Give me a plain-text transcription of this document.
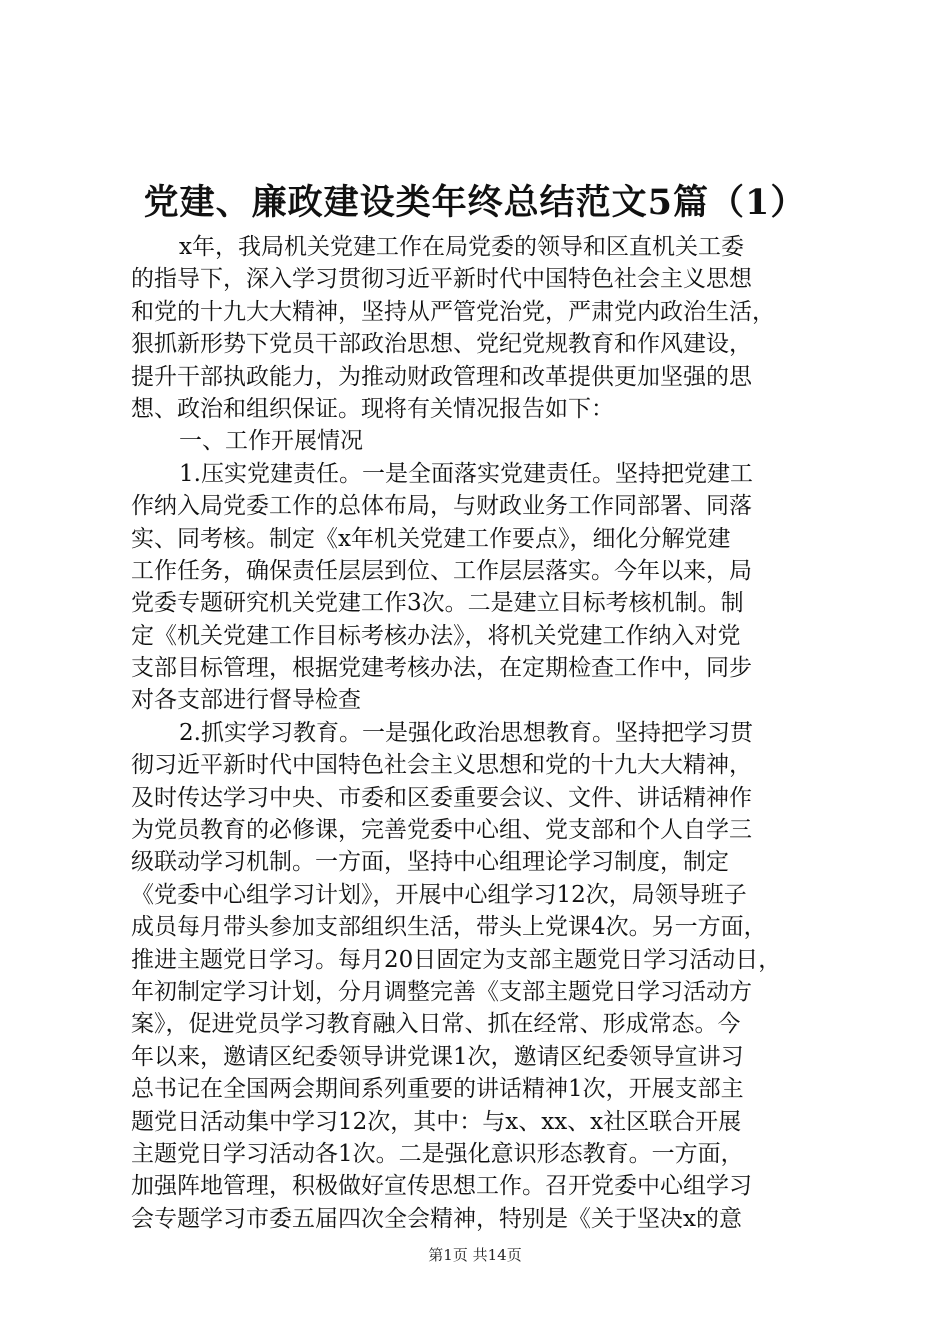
党建、廉政建设类年终总结范文5篇（1）
x年，我局机关党建工作在局党委的领导和区直机关工委
的指导下，深入学习贯彻习近平新时代中国特色社会主义思想
和党的十九大大精神，坚持从严管党治党，严肃党内政治生活，
狠抓新形势下党员干部政治思想、党纪党规教育和作风建设，
提升干部执政能力，为推动财政管理和改革提供更加坚强的思
想、政治和组织保证。现将有关情况报告如下：
一、工作开展情况
1.压实党建责任。一是全面落实党建责任。坚持把党建工
作纳入局党委工作的总体布局，与财政业务工作同部署、同落
实、同考核。制定《x年机关党建工作要点》，细化分解党建
工作任务，确保责任层层到位、工作层层落实。今年以来，局
党委专题研究机关党建工作3次。二是建立目标考核机制。制
定《机关党建工作目标考核办法》，将机关党建工作纳入对党
支部目标管理，根据党建考核办法，在定期检查工作中，同步
对各支部进行督导检查
2.抓实学习教育。一是强化政治思想教育。坚持把学习贯
彻习近平新时代中国特色社会主义思想和党的十九大大精神，
及时传达学习中央、市委和区委重要会议、文件、讲话精神作
为党员教育的必修课，完善党委中心组、党支部和个人自学三
级联动学习机制。一方面，坚持中心组理论学习制度，制定
《党委中心组学习计划》，开展中心组学习12次，局领导班子
成员每月带头参加支部组织生活，带头上党课4次。另一方面，
推进主题党日学习。每月20日固定为支部主题党日学习活动日，
年初制定学习计划，分月调整完善《支部主题党日学习活动方
案》，促进党员学习教育融入日常、抓在经常、形成常态。今
年以来，邀请区纪委领导讲党课1次，邀请区纪委领导宣讲习
总书记在全国两会期间系列重要的讲话精神1次，开展支部主
题党日活动集中学习12次，其中：与x、xx、x社区联合开展
主题党日学习活动各1次。二是强化意识形态教育。一方面，
加强阵地管理，积极做好宣传思想工作。召开党委中心组学习
会专题学习市委五届四次全会精神，特别是《关于坚决x的意
第1页 共14页
